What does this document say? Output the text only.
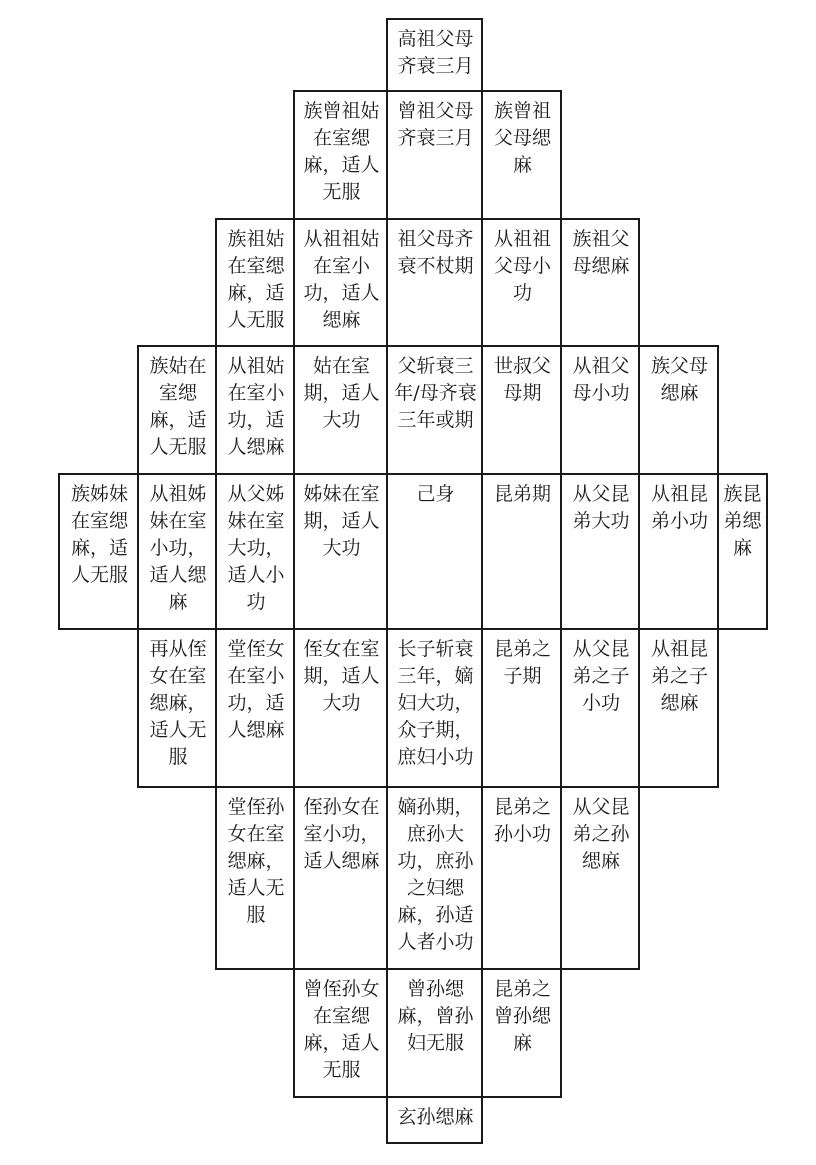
高祖父母齐衰三月
族曾祖姑在室缌麻，适人无服
曾祖父母齐衰三月
族曾祖父母缌麻
族祖姑在室缌麻，适人无服
从祖祖姑在室小功，适人缌麻
祖父母齐衰不杖期
从祖祖父母小功
族祖父母缌麻
族姑在室缌麻，适人无服
从祖姑在室小功，适人缌麻
姑在室期，适人大功
父斩衰三年/母齐衰三年或期
世叔父母期
从祖父母小功
族父母缌麻
族姊妹在室缌麻，适人无服
从祖姊妹在室小功，适人缌麻
从父姊妹在室大功，适人小功
姊妹在室期，适人大功
己身	昆弟期 从父昆弟大功
从祖昆弟小功
族昆弟缌麻
再从侄女在室缌麻，适人无服
堂侄女在室小功，适人缌麻
侄女在室期，适人大功
长子斩衰三年，嫡妇大功，众子期，庶妇小功
昆弟之子期
从父昆弟之子小功
从祖昆弟之子缌麻
堂侄孙女在室缌麻，适人无服
侄孙女在室小功，适人缌麻
嫡孙期，庶孙大功，庶孙之妇缌麻，孙适人者小功
昆弟之孙小功
从父昆弟之孙缌麻
曾侄孙女在室缌麻，适人无服
曾孙缌麻，曾孙妇无服
昆弟之曾孙缌麻
玄孙缌麻
